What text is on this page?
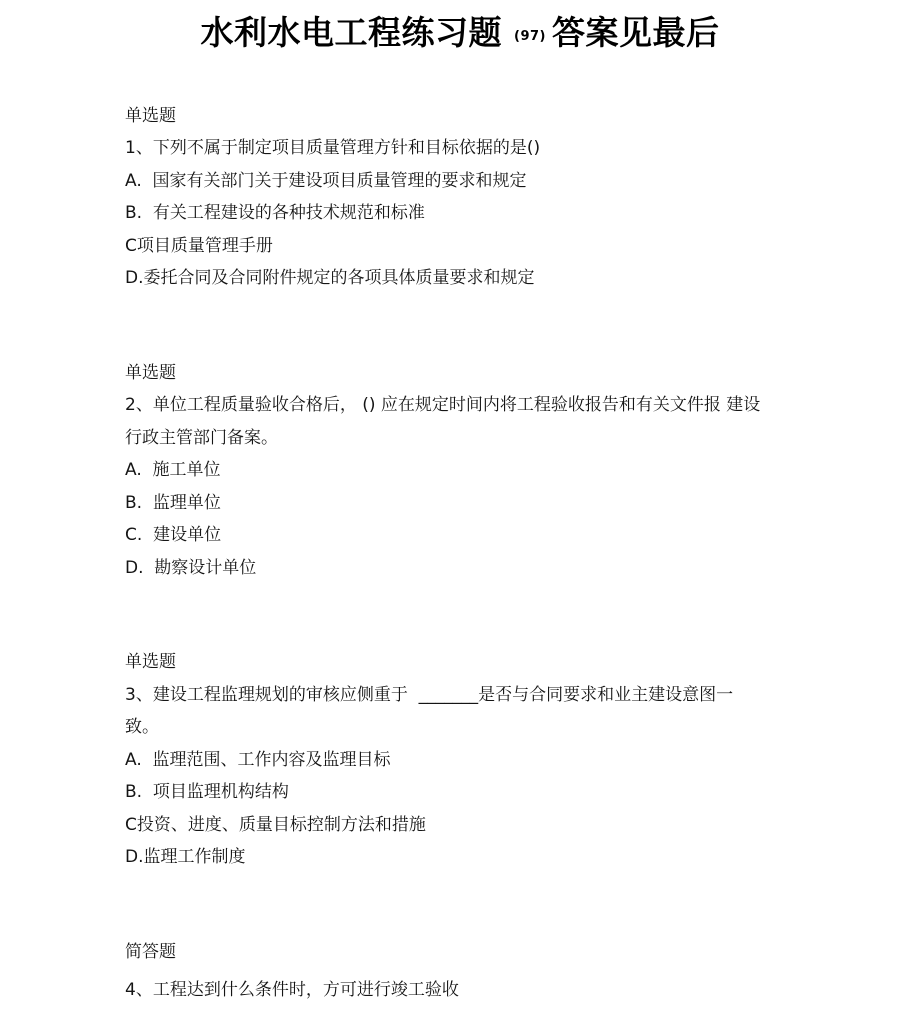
水利水电工程练习题 (97) 答案见最后
单选题
1、下列不属于制定项目质量管理方针和目标依据的是()
A.  国家有关部门关于建设项目质量管理的要求和规定
B.  有关工程建设的各种技术规范和标准
C项目质量管理手册
D.委托合同及合同附件规定的各项具体质量要求和规定
单选题
2、单位工程质量验收合格后， () 应在规定时间内将工程验收报告和有关文件报 建设
行政主管部门备案。
A.  施工单位
B.  监理单位
C.  建设单位
D.  勘察设计单位
单选题
3、建设工程监理规划的审核应侧重于  _______是否与合同要求和业主建设意图一
致。
A.  监理范围、工作内容及监理目标
B.  项目监理机构结构
C投资、进度、质量目标控制方法和措施
D.监理工作制度
简答题
4、工程达到什么条件时，方可进行竣工验收
